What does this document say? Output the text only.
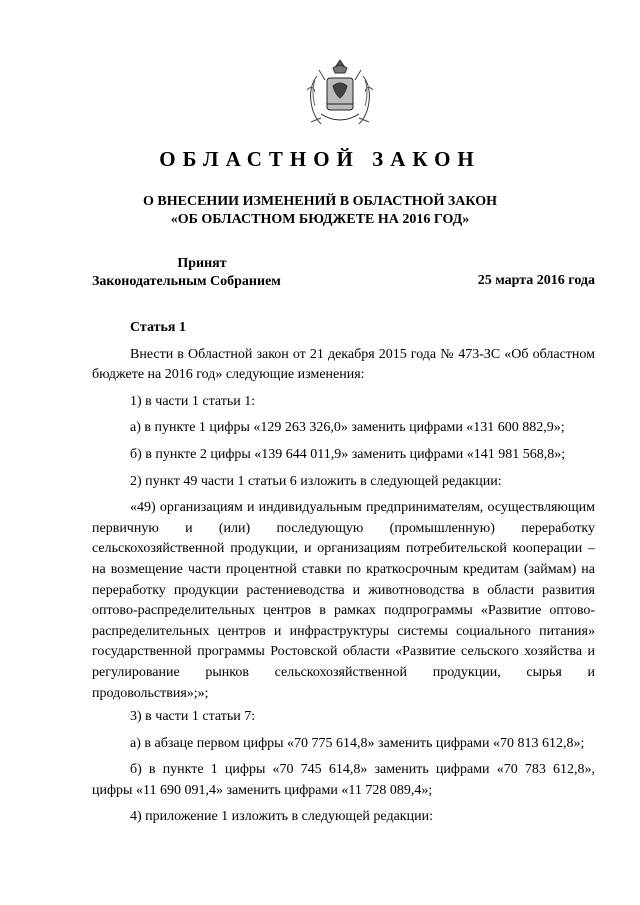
ОБЛАСТНОЙ ЗАКОН
О ВНЕСЕНИИ ИЗМЕНЕНИЙ В ОБЛАСТНОЙ ЗАКОН
«ОБ ОБЛАСТНОМ БЮДЖЕТЕ НА 2016 ГОД»
Принят
Законодательным Собранием	25 марта 2016 года

Статья 1

Внести в Областной закон от 21 декабря 2015 года № 473-ЗС «Об областном бюджете на 2016 год» следующие изменения:

1) в части 1 статьи 1:

а) в пункте 1 цифры «129 263 326,0» заменить цифрами «131 600 882,9»;

б) в пункте 2 цифры «139 644 011,9» заменить цифрами «141 981 568,8»;

2) пункт 49 части 1 статьи 6 изложить в следующей редакции:

«49) организациям и индивидуальным предпринимателям, осуществляющим первичную и (или) последующую (промышленную) переработку сельскохозяйственной продукции, и организациям потребительской кооперации – на возмещение части процентной ставки по краткосрочным кредитам (займам) на переработку продукции растениеводства и животноводства в области развития оптово-распределительных центров в рамках подпрограммы «Развитие оптово-распределительных центров и инфраструктуры системы социального питания» государственной программы Ростовской области «Развитие сельского хозяйства и регулирование рынков сельскохозяйственной продукции, сырья и продовольствия»;»;

3) в части 1 статьи 7:

а) в абзаце первом цифры «70 775 614,8» заменить цифрами «70 813 612,8»;

б) в пункте 1 цифры «70 745 614,8» заменить цифрами «70 783 612,8», цифры «11 690 091,4» заменить цифрами «11 728 089,4»;

4) приложение 1 изложить в следующей редакции:
